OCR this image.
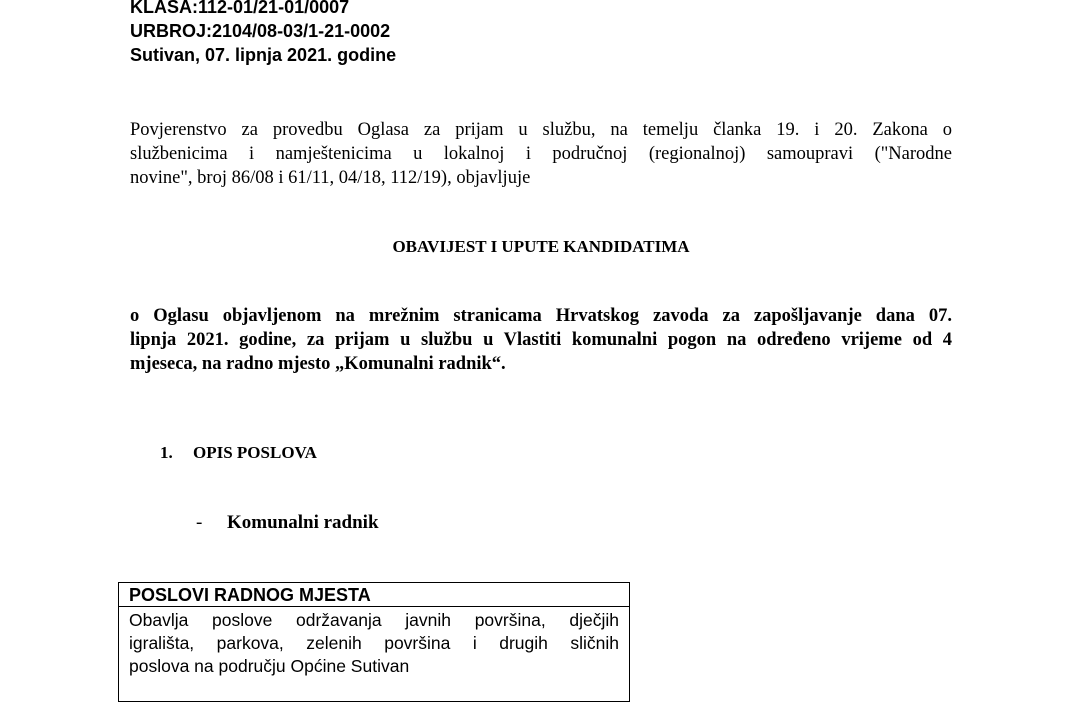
KLASA:112-01/21-01/0007
URBROJ:2104/08-03/1-21-0002
Sutivan, 07. lipnja 2021. godine
Povjerenstvo za provedbu Oglasa za prijam u službu, na temelju članka 19. i 20. Zakona o
službenicima i namještenicima u lokalnoj i područnoj (regionalnoj) samoupravi ("Narodne
novine", broj 86/08 i 61/11, 04/18, 112/19), objavljuje
OBAVIJEST I UPUTE KANDIDATIMA
o Oglasu objavljenom na mrežnim stranicama Hrvatskog zavoda za zapošljavanje dana 07.
lipnja 2021. godine, za prijam u službu u Vlastiti komunalni pogon na određeno vrijeme od 4
mjeseca, na radno mjesto „Komunalni radnik“.
1. OPIS POSLOVA
- Komunalni radnik
POSLOVI RADNOG MJESTA
Obavlja poslove održavanja javnih površina, dječjih
igrališta, parkova, zelenih površina i drugih sličnih
poslova na području Općine Sutivan
